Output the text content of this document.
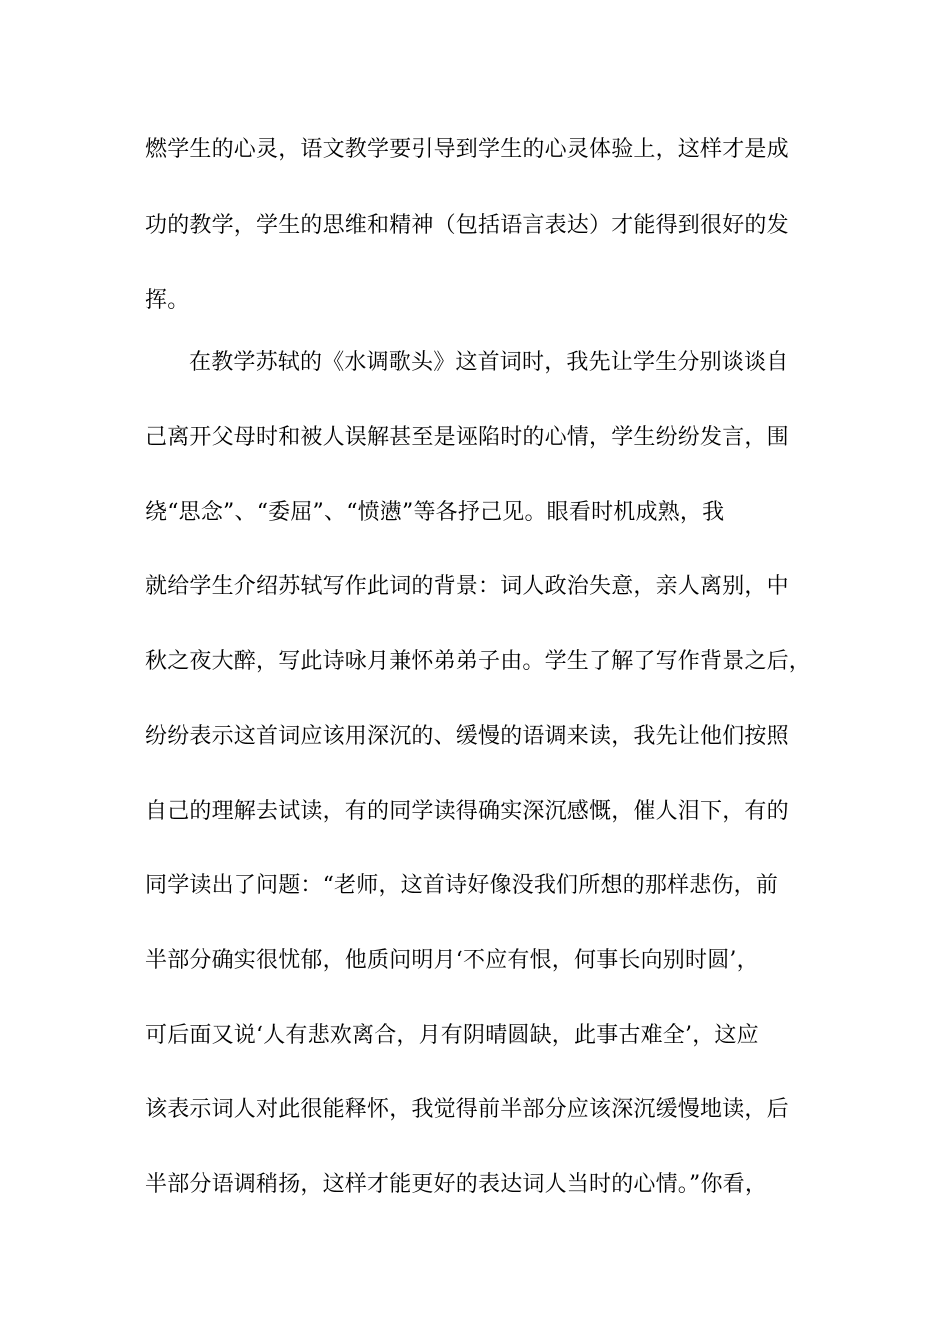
燃学生的心灵，语文教学要引导到学生的心灵体验上，这样才是成
功的教学，学生的思维和精神（包括语言表达）才能得到很好的发
挥。
在教学苏轼的《水调歌头》这首词时，我先让学生分别谈谈自
己离开父母时和被人误解甚至是诬陷时的心情，学生纷纷发言，围
绕“思念”、“委屈”、“愤懑”等各抒己见。眼看时机成熟，我
就给学生介绍苏轼写作此词的背景：词人政治失意，亲人离别，中
秋之夜大醉，写此诗咏月兼怀弟弟子由。学生了解了写作背景之后，
纷纷表示这首词应该用深沉的、缓慢的语调来读，我先让他们按照
自己的理解去试读，有的同学读得确实深沉感慨，催人泪下，有的
同学读出了问题：“老师，这首诗好像没我们所想的那样悲伤，前
半部分确实很忧郁，他质问明月‘不应有恨，何事长向别时圆’，
可后面又说‘人有悲欢离合，月有阴晴圆缺，此事古难全’，这应
该表示词人对此很能释怀，我觉得前半部分应该深沉缓慢地读，后
半部分语调稍扬，这样才能更好的表达词人当时的心情。”你看，
